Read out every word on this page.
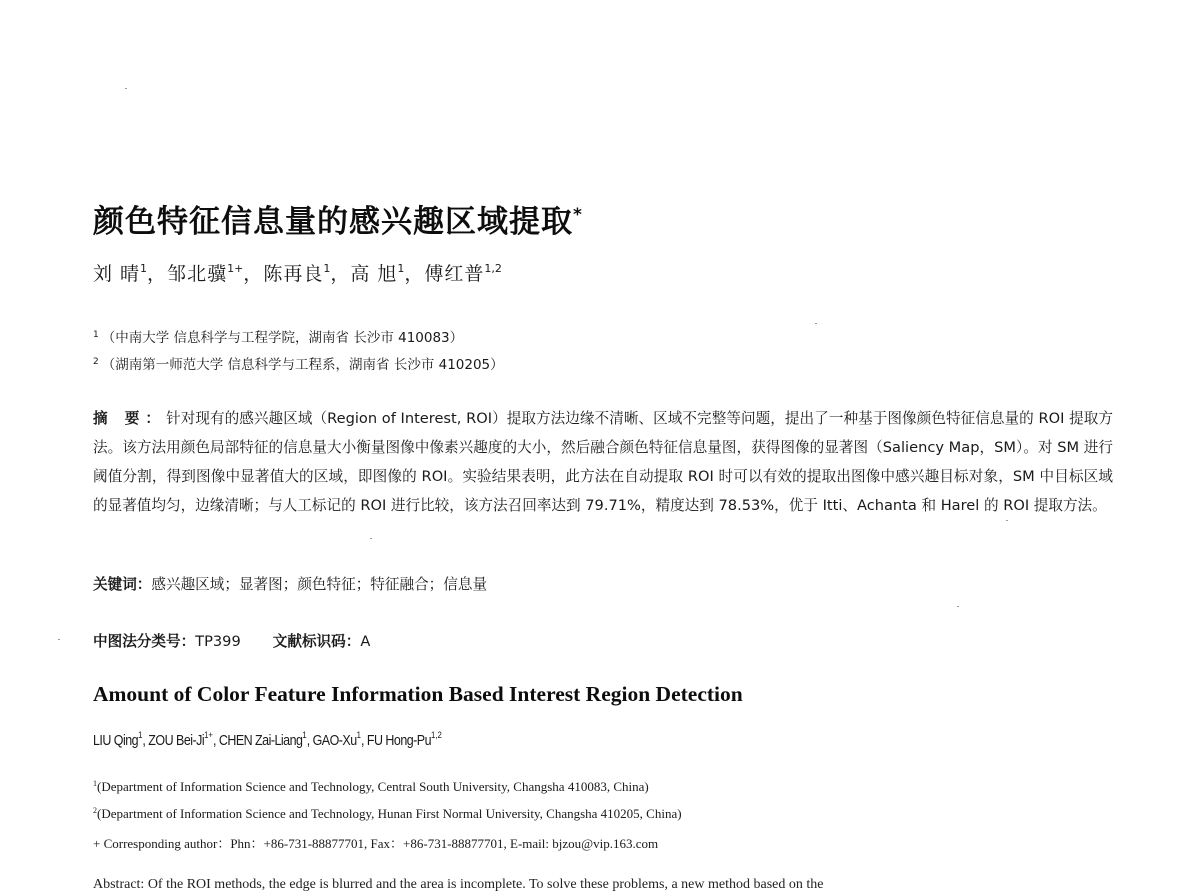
颜色特征信息量的感兴趣区域提取*
刘 晴$^1$，邹北骥$^{1+}$，陈再良$^1$，高 旭$^1$，傅红普$^{1,2}$
$^1$ （中南大学 信息科学与工程学院，湖南省 长沙市 410083）
$^2$ （湖南第一师范大学 信息科学与工程系，湖南省 长沙市 410205）
摘 要：针对现有的感兴趣区域（Region of Interest, ROI）提取方法边缘不清晰、区域不完整等问题，提出了一种基于图像颜色特征信息量的 ROI 提取方法。该方法用颜色局部特征的信息量大小衡量图像中像素兴趣度的大小，然后融合颜色特征信息量图，获得图像的显著图（Saliency Map，SM）。对 SM 进行阈值分割，得到图像中显著值大的区域，即图像的 ROI。实验结果表明，此方法在自动提取 ROI 时可以有效的提取出图像中感兴趣目标对象，SM 中目标区域的显著值均匀，边缘清晰；与人工标记的 ROI 进行比较，该方法召回率达到 79.71%，精度达到 78.53%，优于 Itti、Achanta 和 Harel 的 ROI 提取方法。
关键词：感兴趣区域；显著图；颜色特征；特征融合；信息量
中图法分类号：TP399 文献标识码：A
Amount of Color Feature Information Based Interest Region Detection
LIU Qing$^1$, ZOU Bei-$Ji^{1+}$, CHEN Zai-Liang$^1$, GAO-Xu$^1$, FU Hong-Pu$^{1,2}$
$^1$(Department of Information Science and Technology, Central South University, Changsha 410083, China)
$^2$(Department of Information Science and Technology, Hunan First Normal University, Changsha 410205, China)
+ Corresponding author：Phn：+86-731-88877701, Fax：+86-731-88877701, E-mail: bjzou@vip.163.com
Abstract: Of the ROI methods, the edge is blurred and the area is incomplete. To solve these problems, a new method based on the
